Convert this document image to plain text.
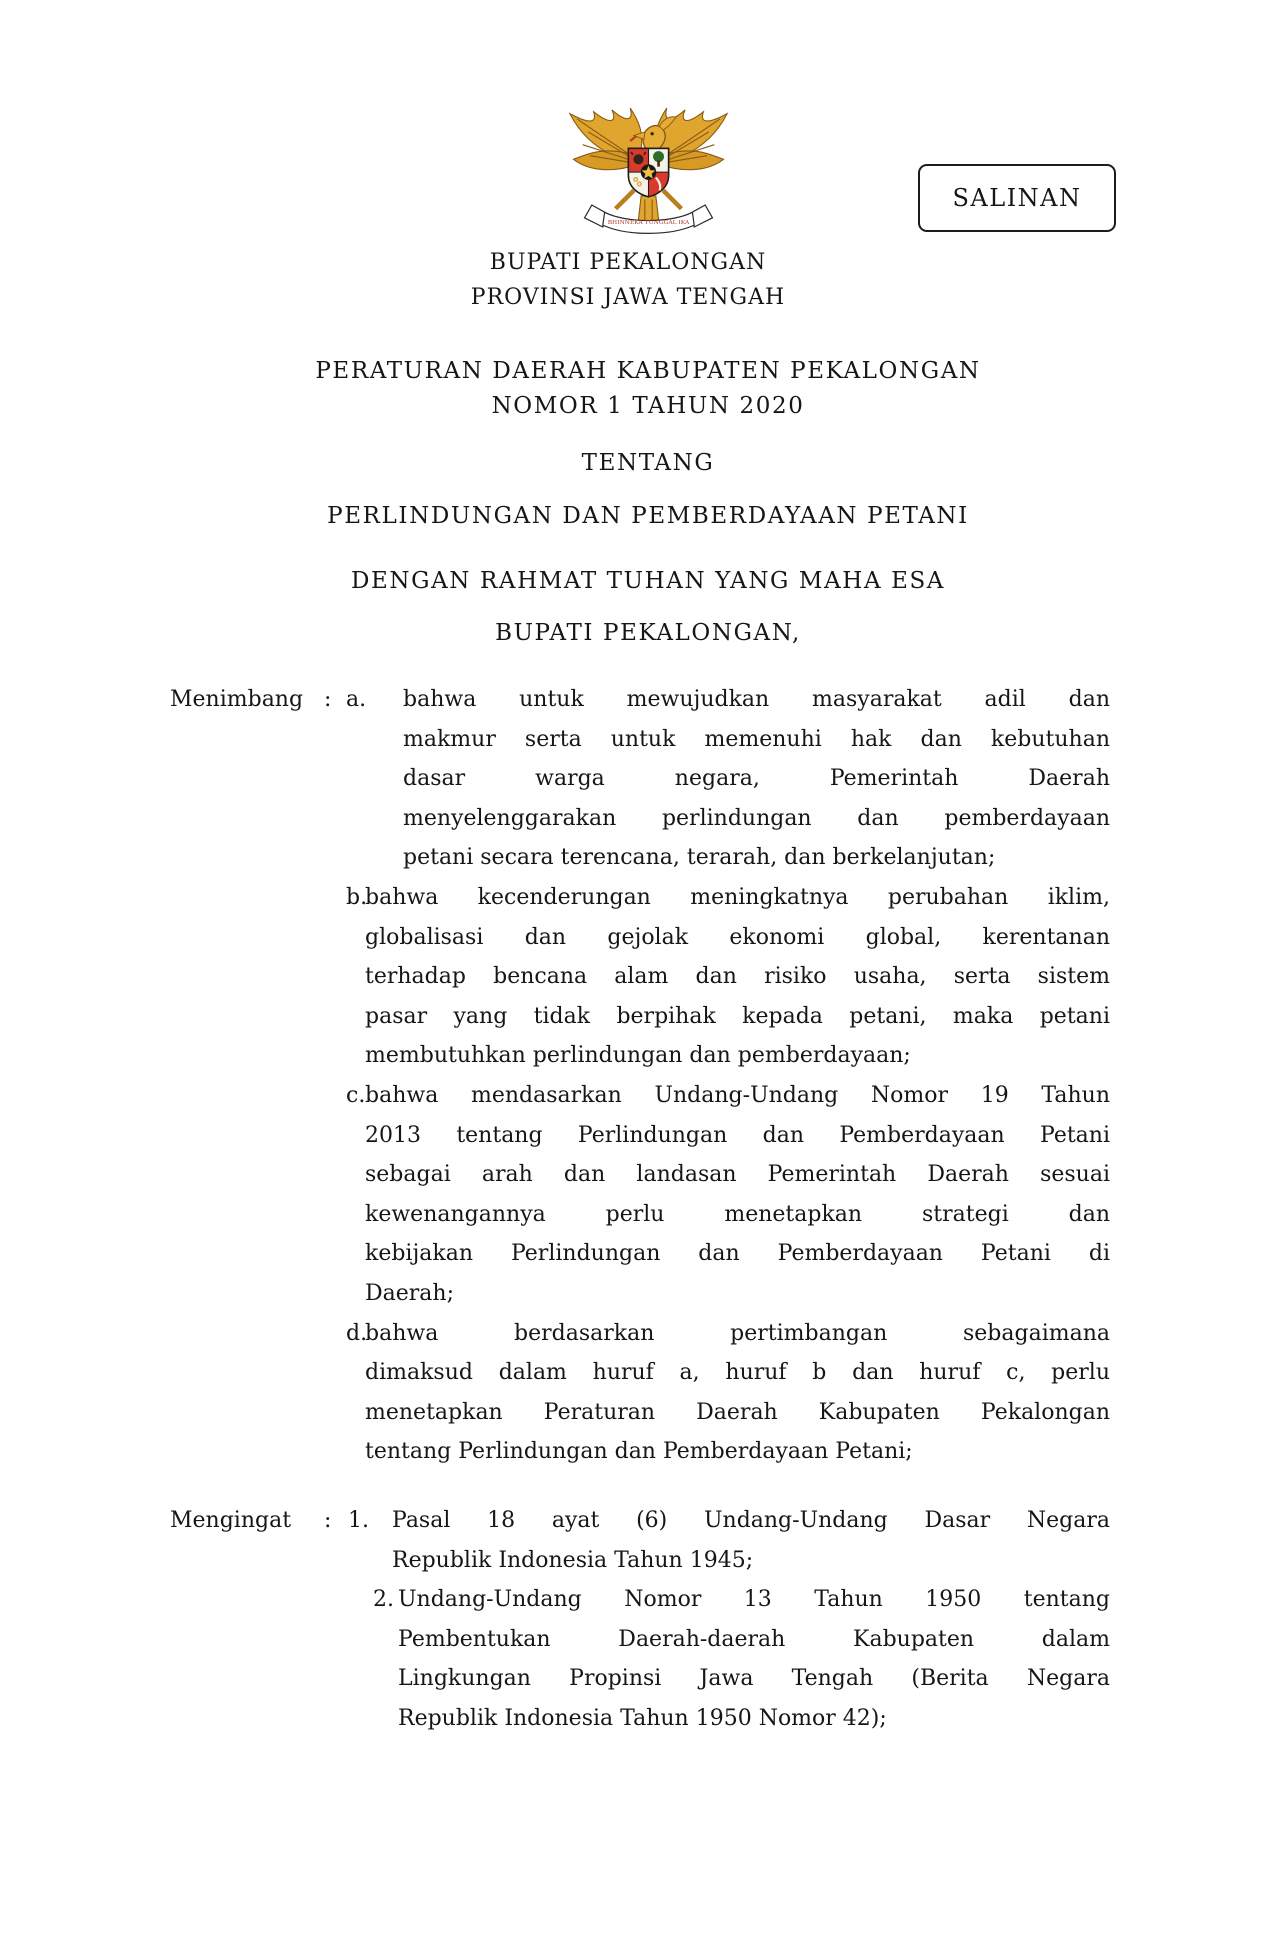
BHINNEKA TUNGGAL IKA
SALINAN
BUPATI PEKALONGAN
PROVINSI JAWA TENGAH
PERATURAN DAERAH KABUPATEN PEKALONGAN
NOMOR 1 TAHUN 2020
TENTANG
PERLINDUNGAN DAN PEMBERDAYAAN PETANI
DENGAN RAHMAT TUHAN YANG MAHA ESA
BUPATI PEKALONGAN,
Menimbang : a. bahwa untuk mewujudkan masyarakat adil dan
makmur serta untuk memenuhi hak dan kebutuhan
dasar warga negara, Pemerintah Daerah
menyelenggarakan perlindungan dan pemberdayaan
petani secara terencana, terarah, dan berkelanjutan;
b.
bahwa kecenderungan meningkatnya perubahan iklim,
globalisasi dan gejolak ekonomi global, kerentanan
terhadap bencana alam dan risiko usaha, serta sistem
pasar yang tidak berpihak kepada petani, maka petani
membutuhkan perlindungan dan pemberdayaan;
c. bahwa mendasarkan Undang-Undang Nomor 19 Tahun
2013 tentang Perlindungan dan Pemberdayaan Petani
sebagai arah dan landasan Pemerintah Daerah sesuai
kewenangannya perlu menetapkan strategi dan
kebijakan Perlindungan dan Pemberdayaan Petani di
Daerah;
d.
bahwa berdasarkan pertimbangan sebagaimana
dimaksud dalam huruf a, huruf b dan huruf c, perlu
menetapkan Peraturan Daerah Kabupaten Pekalongan
tentang Perlindungan dan Pemberdayaan Petani;
Mengingat : 1. Pasal 18 ayat (6) Undang-Undang Dasar Negara
Republik Indonesia Tahun 1945;
2. Undang-Undang Nomor 13 Tahun 1950 tentang
Pembentukan Daerah-daerah Kabupaten dalam
Lingkungan Propinsi Jawa Tengah (Berita Negara
Republik Indonesia Tahun 1950 Nomor 42);
